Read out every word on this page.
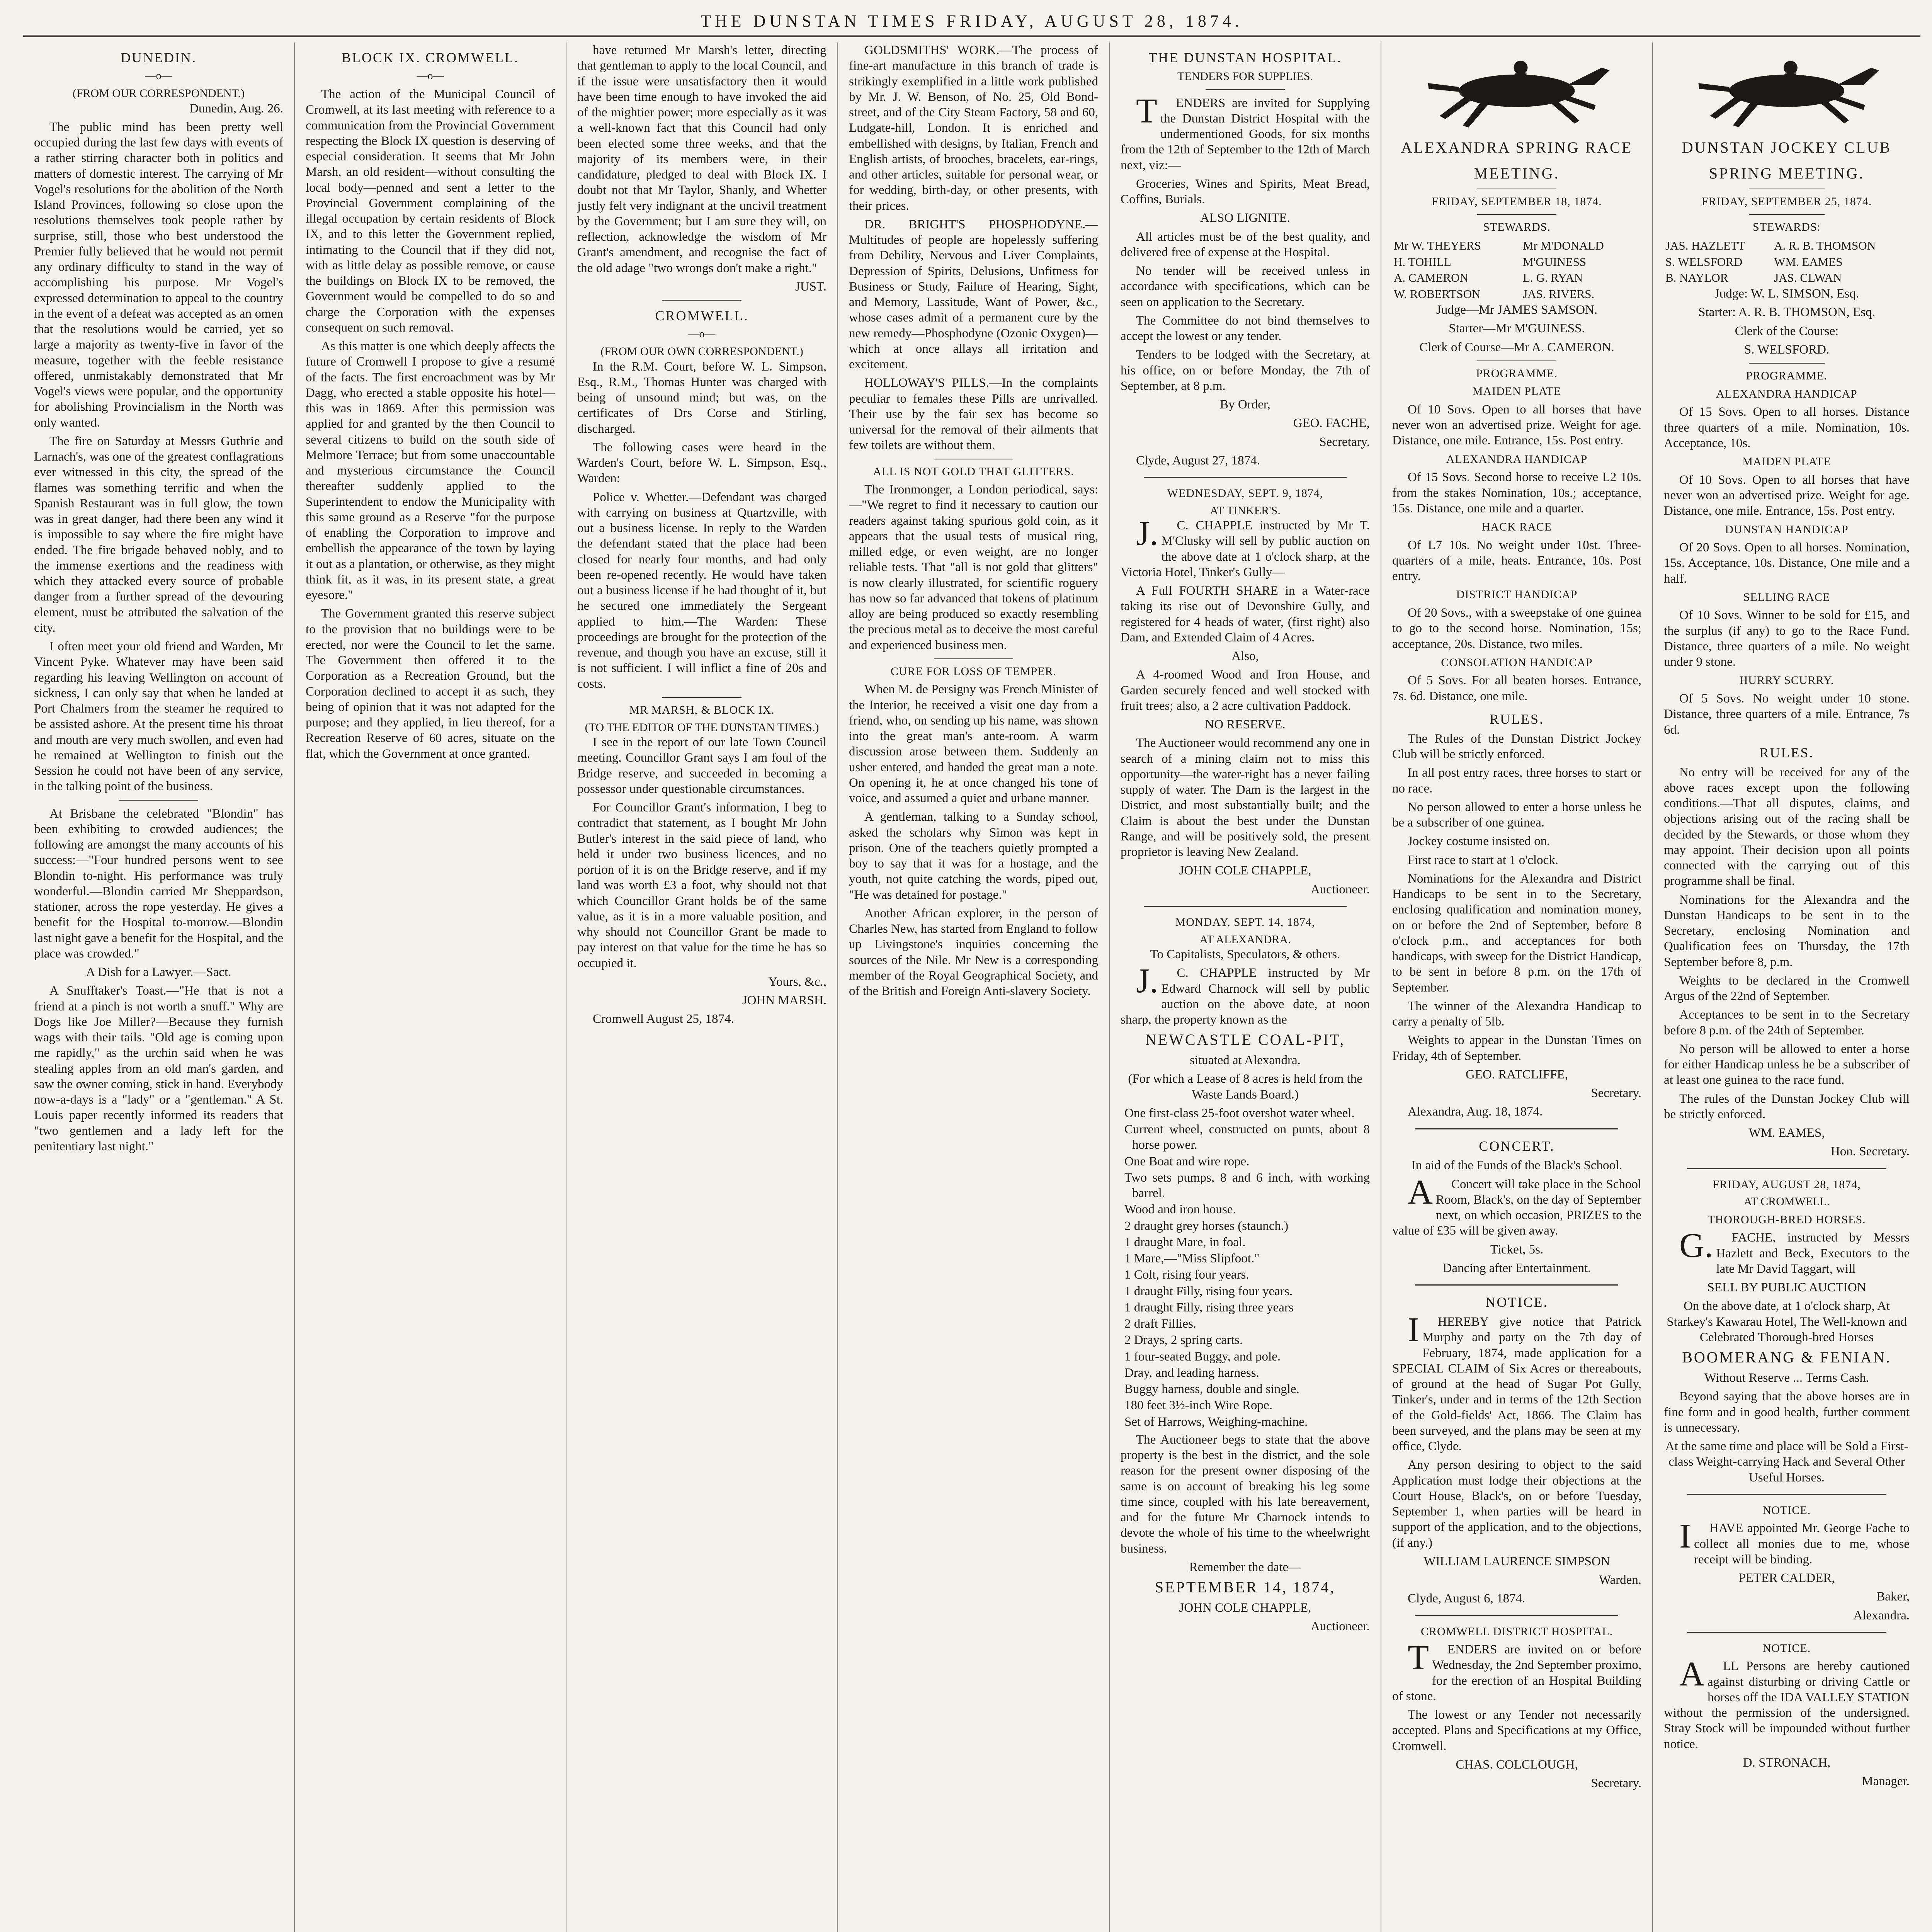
THE DUNSTAN TIMES FRIDAY, AUGUST 28, 1874.
DUNEDIN.
—o—
(FROM OUR CORRESPONDENT.)

Dunedin, Aug. 26.

The public mind has been pretty well occupied during the last few days with events of a rather stirring character both in politics and matters of domestic interest. The carrying of Mr Vogel's resolutions for the abolition of the North Island Provinces, following so close upon the resolutions themselves took people rather by surprise, still, those who best understood the Premier fully believed that he would not permit any ordinary difficulty to stand in the way of accomplishing his purpose. Mr Vogel's expressed determination to appeal to the country in the event of a defeat was accepted as an omen that the resolutions would be carried, yet so large a majority as twenty-five in favor of the measure, together with the feeble resistance offered, unmistakably demonstrated that Mr Vogel's views were popular, and the opportunity for abolishing Provincialism in the North was only wanted.

The fire on Saturday at Messrs Guthrie and Larnach's, was one of the greatest conflagrations ever witnessed in this city, the spread of the flames was something terrific and when the Spanish Restaurant was in full glow, the town was in great danger, had there been any wind it is impossible to say where the fire might have ended. The fire brigade behaved nobly, and to the immense exertions and the readiness with which they attacked every source of probable danger from a further spread of the devouring element, must be attributed the salvation of the city.

I often meet your old friend and Warden, Mr Vincent Pyke. Whatever may have been said regarding his leaving Wellington on account of sickness, I can only say that when he landed at Port Chalmers from the steamer he required to be assisted ashore. At the present time his throat and mouth are very much swollen, and even had he remained at Wellington to finish out the Session he could not have been of any service, in the talking point of the business.

At Brisbane the celebrated "Blondin" has been exhibiting to crowded audiences; the following are amongst the many accounts of his success:—"Four hundred persons went to see Blondin to-night. His performance was truly wonderful.—Blondin carried Mr Sheppardson, stationer, across the rope yesterday. He gives a benefit for the Hospital to-morrow.—Blondin last night gave a benefit for the Hospital, and the place was crowded."

A Dish for a Lawyer.—Sact.

A Snufftaker's Toast.—"He that is not a friend at a pinch is not worth a snuff." Why are Dogs like Joe Miller?—Because they furnish wags with their tails. "Old age is coming upon me rapidly," as the urchin said when he was stealing apples from an old man's garden, and saw the owner coming, stick in hand. Everybody now-a-days is a "lady" or a "gentleman." A St. Louis paper recently informed its readers that "two gentlemen and a lady left for the penitentiary last night."

BLOCK IX. CROMWELL.
—o—

The action of the Municipal Council of Cromwell, at its last meeting with reference to a communication from the Provincial Government respecting the Block IX question is deserving of especial consideration. It seems that Mr John Marsh, an old resident—without consulting the local body—penned and sent a letter to the Provincial Government complaining of the illegal occupation by certain residents of Block IX, and to this letter the Government replied, intimating to the Council that if they did not, with as little delay as possible remove, or cause the buildings on Block IX to be removed, the Government would be compelled to do so and charge the Corporation with the expenses consequent on such removal.

As this matter is one which deeply affects the future of Cromwell I propose to give a resumé of the facts. The first encroachment was by Mr Dagg, who erected a stable opposite his hotel—this was in 1869. After this permission was applied for and granted by the then Council to several citizens to build on the south side of Melmore Terrace; but from some unaccountable and mysterious circumstance the Council thereafter suddenly applied to the Superintendent to endow the Municipality with this same ground as a Reserve "for the purpose of enabling the Corporation to improve and embellish the appearance of the town by laying it out as a plantation, or otherwise, as they might think fit, as it was, in its present state, a great eyesore."

The Government granted this reserve subject to the provision that no buildings were to be erected, nor were the Council to let the same. The Government then offered it to the Corporation as a Recreation Ground, but the Corporation declined to accept it as such, they being of opinion that it was not adapted for the purpose; and they applied, in lieu thereof, for a Recreation Reserve of 60 acres, situate on the flat, which the Government at once granted.

have returned Mr Marsh's letter, directing that gentleman to apply to the local Council, and if the issue were unsatisfactory then it would have been time enough to have invoked the aid of the mightier power; more especially as it was a well-known fact that this Council had only been elected some three weeks, and that the majority of its members were, in their candidature, pledged to deal with Block IX. I doubt not that Mr Taylor, Shanly, and Whetter justly felt very indignant at the uncivil treatment by the Government; but I am sure they will, on reflection, acknowledge the wisdom of Mr Grant's amendment, and recognise the fact of the old adage "two wrongs don't make a right."

JUST.

CROMWELL.
—o—
(FROM OUR OWN CORRESPONDENT.)

In the R.M. Court, before W. L. Simpson, Esq., R.M., Thomas Hunter was charged with being of unsound mind; but was, on the certificates of Drs Corse and Stirling, discharged.

The following cases were heard in the Warden's Court, before W. L. Simpson, Esq., Warden:

Police v. Whetter.—Defendant was charged with carrying on business at Quartzville, with out a business license. In reply to the Warden the defendant stated that the place had been closed for nearly four months, and had only been re-opened recently. He would have taken out a business license if he had thought of it, but he secured one immediately the Sergeant applied to him.—The Warden: These proceedings are brought for the protection of the revenue, and though you have an excuse, still it is not sufficient. I will inflict a fine of 20s and costs.

MR MARSH, & BLOCK IX.
(TO THE EDITOR OF THE DUNSTAN TIMES.)

I see in the report of our late Town Council meeting, Councillor Grant says I am foul of the Bridge reserve, and succeeded in becoming a possessor under questionable circumstances.

For Councillor Grant's information, I beg to contradict that statement, as I bought Mr John Butler's interest in the said piece of land, who held it under two business licences, and no portion of it is on the Bridge reserve, and if my land was worth £3 a foot, why should not that which Councillor Grant holds be of the same value, as it is in a more valuable position, and why should not Councillor Grant be made to pay interest on that value for the time he has so occupied it.

Yours, &c.,

JOHN MARSH.

Cromwell August 25, 1874.

GOLDSMITHS' WORK.—The process of fine-art manufacture in this branch of trade is strikingly exemplified in a little work published by Mr. J. W. Benson, of No. 25, Old Bond-street, and of the City Steam Factory, 58 and 60, Ludgate-hill, London. It is enriched and embellished with designs, by Italian, French and English artists, of brooches, bracelets, ear-rings, and other articles, suitable for personal wear, or for wedding, birth-day, or other presents, with their prices.

DR. BRIGHT'S PHOSPHODYNE.—Multitudes of people are hopelessly suffering from Debility, Nervous and Liver Complaints, Depression of Spirits, Delusions, Unfitness for Business or Study, Failure of Hearing, Sight, and Memory, Lassitude, Want of Power, &c., whose cases admit of a permanent cure by the new remedy—Phosphodyne (Ozonic Oxygen)—which at once allays all irritation and excitement.

HOLLOWAY'S PILLS.—In the complaints peculiar to females these Pills are unrivalled. Their use by the fair sex has become so universal for the removal of their ailments that few toilets are without them.

ALL IS NOT GOLD THAT GLITTERS.

The Ironmonger, a London periodical, says:—"We regret to find it necessary to caution our readers against taking spurious gold coin, as it appears that the usual tests of musical ring, milled edge, or even weight, are no longer reliable tests. That "all is not gold that glitters" is now clearly illustrated, for scientific roguery has now so far advanced that tokens of platinum alloy are being produced so exactly resembling the precious metal as to deceive the most careful and experienced business men.

CURE FOR LOSS OF TEMPER.

When M. de Persigny was French Minister of the Interior, he received a visit one day from a friend, who, on sending up his name, was shown into the great man's ante-room. A warm discussion arose between them. Suddenly an usher entered, and handed the great man a note. On opening it, he at once changed his tone of voice, and assumed a quiet and urbane manner.

A gentleman, talking to a Sunday school, asked the scholars why Simon was kept in prison. One of the teachers quietly prompted a boy to say that it was for a hostage, and the youth, not quite catching the words, piped out, "He was detained for postage."

Another African explorer, in the person of Charles New, has started from England to follow up Livingstone's inquiries concerning the sources of the Nile. Mr New is a corresponding member of the Royal Geographical Society, and of the British and Foreign Anti-slavery Society.

THE DUNSTAN HOSPITAL.
TENDERS FOR SUPPLIES.

TENDERS are invited for Supplying the Dunstan District Hospital with the undermentioned Goods, for six months from the 12th of September to the 12th of March next, viz:—

Groceries, Wines and Spirits, Meat Bread, Coffins, Burials.

ALSO LIGNITE.

All articles must be of the best quality, and delivered free of expense at the Hospital.

No tender will be received unless in accordance with specifications, which can be seen on application to the Secretary.

The Committee do not bind themselves to accept the lowest or any tender.

Tenders to be lodged with the Secretary, at his office, on or before Monday, the 7th of September, at 8 p.m.

By Order,

GEO. FACHE,

Secretary.

Clyde, August 27, 1874.

WEDNESDAY, SEPT. 9, 1874,
AT TINKER'S.

J.C. CHAPPLE instructed by Mr T. M'Clusky will sell by public auction on the above date at 1 o'clock sharp, at the Victoria Hotel, Tinker's Gully—

A Full FOURTH SHARE in a Water-race taking its rise out of Devonshire Gully, and registered for 4 heads of water, (first right) also Dam, and Extended Claim of 4 Acres.

Also,

A 4-roomed Wood and Iron House, and Garden securely fenced and well stocked with fruit trees; also, a 2 acre cultivation Paddock.

NO RESERVE.

The Auctioneer would recommend any one in search of a mining claim not to miss this opportunity—the water-right has a never failing supply of water. The Dam is the largest in the District, and most substantially built; and the Claim is about the best under the Dunstan Range, and will be positively sold, the present proprietor is leaving New Zealand.

JOHN COLE CHAPPLE,

Auctioneer.

MONDAY, SEPT. 14, 1874,
AT ALEXANDRA.

To Capitalists, Speculators, & others.

J.C. CHAPPLE instructed by Mr Edward Charnock will sell by public auction on the above date, at noon sharp, the property known as the

NEWCASTLE COAL-PIT,

situated at Alexandra.

(For which a Lease of 8 acres is held from the Waste Lands Board.)

One first-class 25-foot overshot water wheel.
Current wheel, constructed on punts, about 8 horse power.
One Boat and wire rope.
Two sets pumps, 8 and 6 inch, with working barrel.
Wood and iron house.
2 draught grey horses (staunch.)
1 draught Mare, in foal.
1 Mare,—"Miss Slipfoot."
1 Colt, rising four years.
1 draught Filly, rising four years.
1 draught Filly, rising three years
2 draft Fillies.
2 Drays, 2 spring carts.
1 four-seated Buggy, and pole.
Dray, and leading harness.
Buggy harness, double and single.
180 feet 3½-inch Wire Rope.
Set of Harrows, Weighing-machine.

The Auctioneer begs to state that the above property is the best in the district, and the sole reason for the present owner disposing of the same is on account of breaking his leg some time since, coupled with his late bereavement, and for the future Mr Charnock intends to devote the whole of his time to the wheelwright business.

Remember the date—

SEPTEMBER 14, 1874,

JOHN COLE CHAPPLE,

Auctioneer.

ALEXANDRA SPRING RACE
MEETING.
FRIDAY, SEPTEMBER 18, 1874.
STEWARDS.
Mr W. THEYERS	Mr M'DONALD
H. TOHILL	M'GUINESS
A. CAMERON	L. G. RYAN
W. ROBERTSON	JAS. RIVERS.

Judge—Mr JAMES SAMSON.

Starter—Mr M'GUINESS.

Clerk of Course—Mr A. CAMERON.

PROGRAMME.
MAIDEN PLATE

Of 10 Sovs. Open to all horses that have never won an advertised prize. Weight for age. Distance, one mile. Entrance, 15s. Post entry.

ALEXANDRA HANDICAP

Of 15 Sovs. Second horse to receive L2 10s. from the stakes Nomination, 10s.; acceptance, 15s. Distance, one mile and a quarter.

HACK RACE

Of L7 10s. No weight under 10st. Three-quarters of a mile, heats. Entrance, 10s. Post entry.

DISTRICT HANDICAP

Of 20 Sovs., with a sweepstake of one guinea to go to the second horse. Nomination, 15s; acceptance, 20s. Distance, two miles.

CONSOLATION HANDICAP

Of 5 Sovs. For all beaten horses. Entrance, 7s. 6d. Distance, one mile.

RULES.

The Rules of the Dunstan District Jockey Club will be strictly enforced.

In all post entry races, three horses to start or no race.

No person allowed to enter a horse unless he be a subscriber of one guinea.

Jockey costume insisted on.

First race to start at 1 o'clock.

Nominations for the Alexandra and District Handicaps to be sent in to the Secretary, enclosing qualification and nomination money, on or before the 2nd of September, before 8 o'clock p.m., and acceptances for both handicaps, with sweep for the District Handicap, to be sent in before 8 p.m. on the 17th of September.

The winner of the Alexandra Handicap to carry a penalty of 5lb.

Weights to appear in the Dunstan Times on Friday, 4th of September.

GEO. RATCLIFFE,

Secretary.

Alexandra, Aug. 18, 1874.

CONCERT.

In aid of the Funds of the Black's School.

AConcert will take place in the School Room, Black's, on the day of September next, on which occasion, PRIZES to the value of £35 will be given away.

Ticket, 5s.

Dancing after Entertainment.

NOTICE.

IHEREBY give notice that Patrick Murphy and party on the 7th day of February, 1874, made application for a SPECIAL CLAIM of Six Acres or thereabouts, of ground at the head of Sugar Pot Gully, Tinker's, under and in terms of the 12th Section of the Gold-fields' Act, 1866. The Claim has been surveyed, and the plans may be seen at my office, Clyde.

Any person desiring to object to the said Application must lodge their objections at the Court House, Black's, on or before Tuesday, September 1, when parties will be heard in support of the application, and to the objections, (if any.)

WILLIAM LAURENCE SIMPSON

Warden.

Clyde, August 6, 1874.

CROMWELL DISTRICT HOSPITAL.

TENDERS are invited on or before Wednesday, the 2nd September proximo, for the erection of an Hospital Building of stone.

The lowest or any Tender not necessarily accepted. Plans and Specifications at my Office, Cromwell.

CHAS. COLCLOUGH,

Secretary.

DUNSTAN JOCKEY CLUB
SPRING MEETING.
FRIDAY, SEPTEMBER 25, 1874.
STEWARDS:
JAS. HAZLETT	A. R. B. THOMSON
S. WELSFORD	WM. EAMES
B. NAYLOR	JAS. CLWAN

Judge: W. L. SIMSON, Esq.

Starter: A. R. B. THOMSON, Esq.

Clerk of the Course:

S. WELSFORD.

PROGRAMME.
ALEXANDRA HANDICAP

Of 15 Sovs. Open to all horses. Distance three quarters of a mile. Nomination, 10s. Acceptance, 10s.

MAIDEN PLATE

Of 10 Sovs. Open to all horses that have never won an advertised prize. Weight for age. Distance, one mile. Entrance, 15s. Post entry.

DUNSTAN HANDICAP

Of 20 Sovs. Open to all horses. Nomination, 15s. Acceptance, 10s. Distance, One mile and a half.

SELLING RACE

Of 10 Sovs. Winner to be sold for £15, and the surplus (if any) to go to the Race Fund. Distance, three quarters of a mile. No weight under 9 stone.

HURRY SCURRY.

Of 5 Sovs. No weight under 10 stone. Distance, three quarters of a mile. Entrance, 7s 6d.

RULES.

No entry will be received for any of the above races except upon the following conditions.—That all disputes, claims, and objections arising out of the racing shall be decided by the Stewards, or those whom they may appoint. Their decision upon all points connected with the carrying out of this programme shall be final.

Nominations for the Alexandra and the Dunstan Handicaps to be sent in to the Secretary, enclosing Nomination and Qualification fees on Thursday, the 17th September before 8, p.m.

Weights to be declared in the Cromwell Argus of the 22nd of September.

Acceptances to be sent in to the Secretary before 8 p.m. of the 24th of September.

No person will be allowed to enter a horse for either Handicap unless he be a subscriber of at least one guinea to the race fund.

The rules of the Dunstan Jockey Club will be strictly enforced.

WM. EAMES,

Hon. Secretary.

FRIDAY, AUGUST 28, 1874,
AT CROMWELL.
THOROUGH-BRED HORSES.

G.FACHE, instructed by Messrs Hazlett and Beck, Executors to the late Mr David Taggart, will

SELL BY PUBLIC AUCTION

On the above date, at 1 o'clock sharp, At Starkey's Kawarau Hotel, The Well-known and Celebrated Thorough-bred Horses

BOOMERANG & FENIAN.

Without Reserve ... Terms Cash.

Beyond saying that the above horses are in fine form and in good health, further comment is unnecessary.

At the same time and place will be Sold a First-class Weight-carrying Hack and Several Other Useful Horses.

NOTICE.

IHAVE appointed Mr. George Fache to collect all monies due to me, whose receipt will be binding.

PETER CALDER,

Baker,

Alexandra.

NOTICE.

ALL Persons are hereby cautioned against disturbing or driving Cattle or horses off the IDA VALLEY STATION without the permission of the undersigned. Stray Stock will be impounded without further notice.

D. STRONACH,

Manager.
